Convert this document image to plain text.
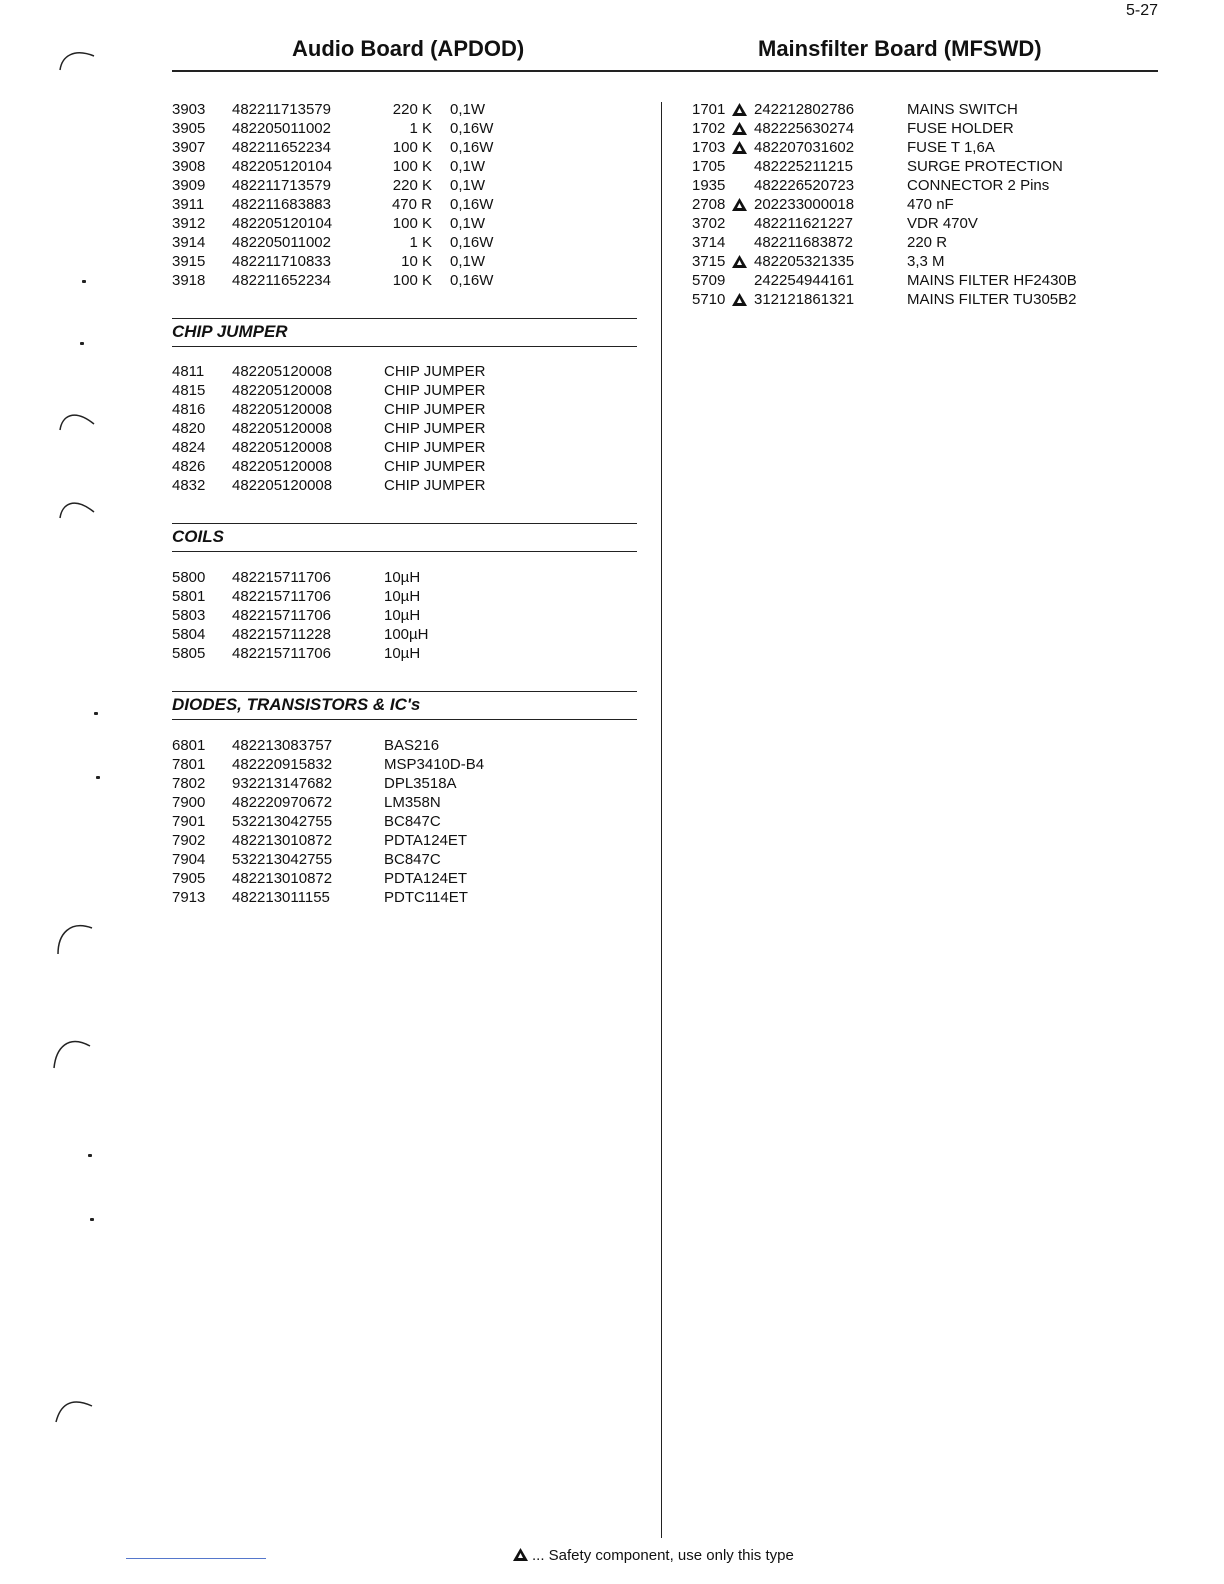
5-27
Audio Board (APDOD)	Mainsfilter Board (MFSWD)
3903 482211713579	220 K 0,1W
3905 482205011002	1 K 0,16W
3907 482211652234	100 K 0,16W
3908 482205120104	100 K 0,1W
3909 482211713579	220 K 0,1W
3911 482211683883	470 R 0,16W
3912 482205120104	100 K 0,1W
3914 482205011002	1 K 0,16W
3915 482211710833	10 K 0,1W
3918 482211652234	100 K 0,16W
CHIP JUMPER
4811 482205120008	CHIP JUMPER
4815 482205120008	CHIP JUMPER
4816 482205120008	CHIP JUMPER
4820 482205120008	CHIP JUMPER
4824 482205120008	CHIP JUMPER
4826 482205120008	CHIP JUMPER
4832 482205120008	CHIP JUMPER
COILS
5800 482215711706	10µH
5801 482215711706	10µH
5803 482215711706	10µH
5804 482215711228	100µH
5805 482215711706	10µH
DIODES, TRANSISTORS & IC's
6801 482213083757	BAS216
7801 482220915832	MSP3410D-B4
7802 932213147682	DPL3518A
7900 482220970672	LM358N
7901 532213042755	BC847C
7902 482213010872	PDTA124ET
7904 532213042755	BC847C
7905 482213010872	PDTA124ET
7913 482213011155	PDTC114ET
1701 242212802786	MAINS SWITCH
1702 482225630274	FUSE HOLDER
1703 482207031602	FUSE T 1,6A
1705 482225211215	SURGE PROTECTION
1935 482226520723	CONNECTOR 2 Pins
2708 202233000018	470 nF
3702 482211621227	VDR 470V
3714 482211683872	220 R
3715 482205321335	3,3 M
5709 242254944161	MAINS FILTER HF2430B
5710 312121861321	MAINS FILTER TU305B2
... Safety component, use only this type
